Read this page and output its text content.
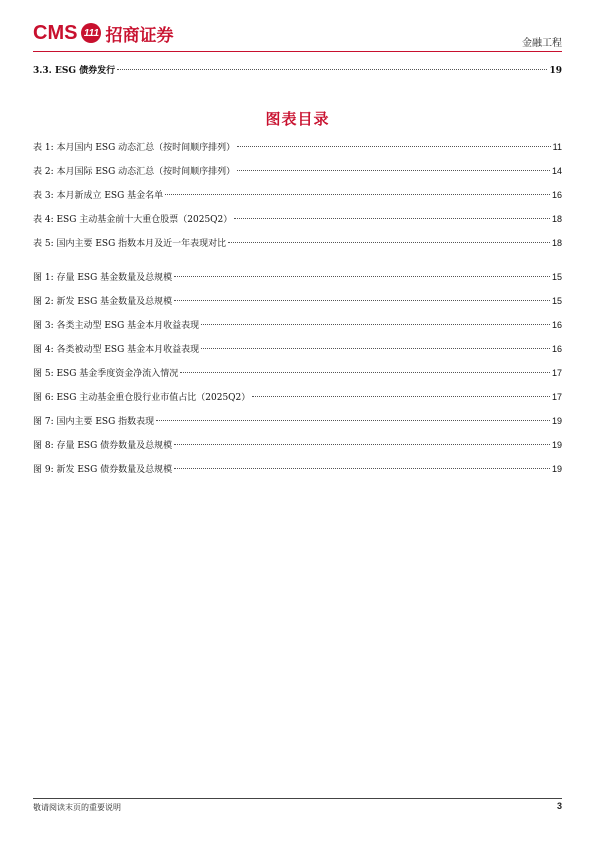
CMS 111 招商证券	金融工程
3.3. ESG 债券发行	19
图表目录
表 1: 本月国内 ESG 动态汇总（按时间顺序排列）	11
表 2: 本月国际 ESG 动态汇总（按时间顺序排列）	14
表 3: 本月新成立 ESG 基金名单	16
表 4: ESG 主动基金前十大重仓股票（2025Q2）	18
表 5: 国内主要 ESG 指数本月及近一年表现对比	18
图 1: 存量 ESG 基金数量及总规模	15
图 2: 新发 ESG 基金数量及总规模	15
图 3: 各类主动型 ESG 基金本月收益表现	16
图 4: 各类被动型 ESG 基金本月收益表现	16
图 5: ESG 基金季度资金净流入情况	17
图 6: ESG 主动基金重仓股行业市值占比（2025Q2）	17
图 7: 国内主要 ESG 指数表现	19
图 8: 存量 ESG 债券数量及总规模	19
图 9: 新发 ESG 债券数量及总规模	19
敬请阅读末页的重要说明	3
